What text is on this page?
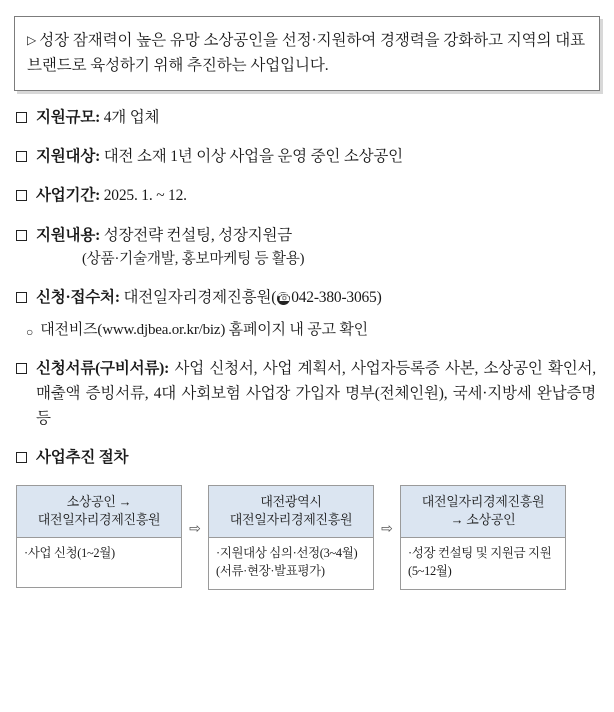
▷ 성장 잠재력이 높은 유망 소상공인을 선정·지원하여 경쟁력을 강화하고 지역의 대표 브랜드로 육성하기 위해 추진하는 사업입니다.
지원규모: 4개 업체
지원대상: 대전 소재 1년 이상 사업을 운영 중인 소상공인
사업기간: 2025. 1. ~ 12.
지원내용: 성장전략 컨설팅, 성장지원금
(상품·기술개발, 홍보마케팅 등 활용)
신청·접수처: 대전일자리경제진흥원(☎042-380-3065)
○ 대전비즈(www.djbea.or.kr/biz) 홈페이지 내 공고 확인
신청서류(구비서류): 사업 신청서, 사업 계획서, 사업자등록증 사본, 소상공인 확인서, 매출액 증빙서류, 4대 사회보험 사업장 가입자 명부(전체인원), 국세·지방세 완납증명 등
사업추진 절차
소상공인 →
대전일자리경제진흥원
·사업 신청(1~2월)
⇨
대전광역시
대전일자리경제진흥원
·지원대상 심의·선정(3~4월)
(서류·현장·발표평가)
⇨
대전일자리경제진흥원
→ 소상공인
·성장 컨설팅 및 지원금 지원
(5~12월)
